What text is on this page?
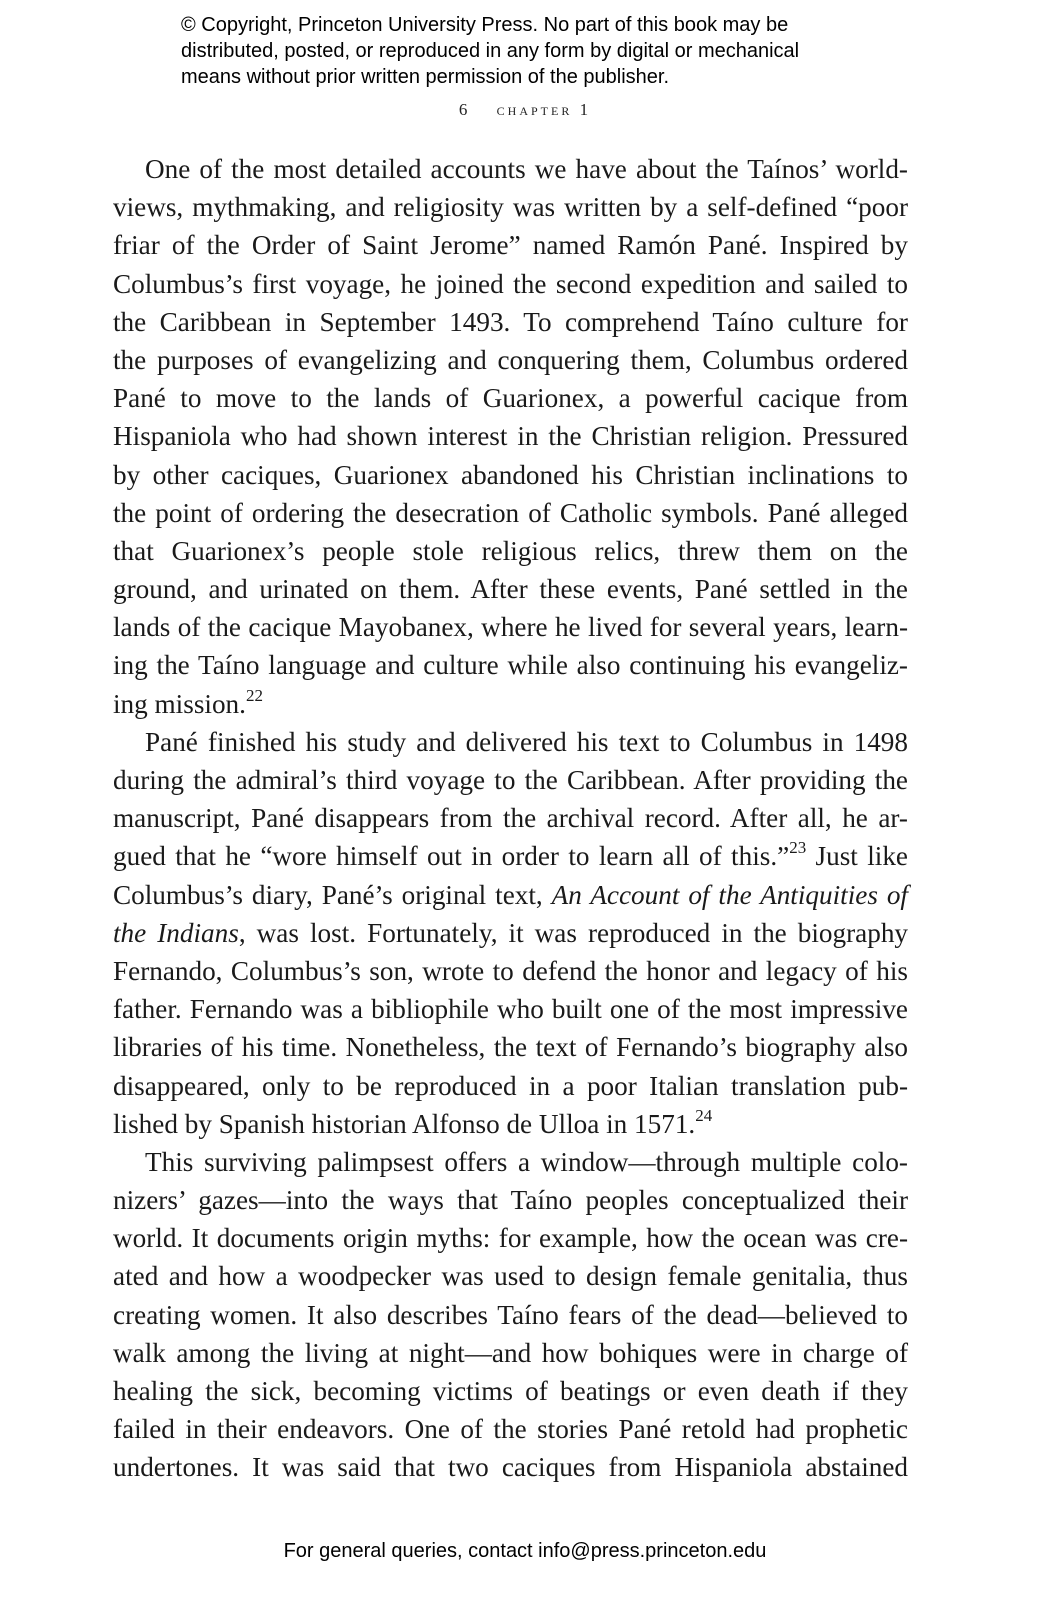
© Copyright, Princeton University Press. No part of this book may be
distributed, posted, or reproduced in any form by digital or mechanical
means without prior written permission of the publisher.
6 chapter 1
One of the most detailed accounts we have about the Taínos’ world-
views, mythmaking, and religiosity was written by a self-defined “poor
friar of the Order of Saint Jerome” named Ramón Pané. Inspired by
Columbus’s first voyage, he joined the second expedition and sailed to
the Caribbean in September 1493. To comprehend Taíno culture for
the purposes of evangelizing and conquering them, Columbus ordered
Pané to move to the lands of Guarionex, a powerful cacique from
Hispaniola who had shown interest in the Christian religion. Pressured
by other caciques, Guarionex abandoned his Christian inclinations to
the point of ordering the desecration of Catholic symbols. Pané alleged
that Guarionex’s people stole religious relics, threw them on the
ground, and urinated on them. After these events, Pané settled in the
lands of the cacique Mayobanex, where he lived for several years, learn-
ing the Taíno language and culture while also continuing his evangeliz-
ing mission.$^{22}$
Pané finished his study and delivered his text to Columbus in 1498
during the admiral’s third voyage to the Caribbean. After providing the
manuscript, Pané disappears from the archival record. After all, he ar-
gued that he “wore himself out in order to learn all of this.”$^{23}$ Just like
Columbus’s diary, Pané’s original text, An Account of the Antiquities of
the Indians, was lost. Fortunately, it was reproduced in the biography
Fernando, Columbus’s son, wrote to defend the honor and legacy of his
father. Fernando was a bibliophile who built one of the most impressive
libraries of his time. Nonetheless, the text of Fernando’s biography also
disappeared, only to be reproduced in a poor Italian translation pub-
lished by Spanish historian Alfonso de Ulloa in 1571.24
This surviving palimpsest offers a window—through multiple colo-
nizers’ gazes—into the ways that Taíno peoples conceptualized their
world. It documents origin myths: for example, how the ocean was cre-
ated and how a woodpecker was used to design female genitalia, thus
creating women. It also describes Taíno fears of the dead—believed to
walk among the living at night—and how bohiques were in charge of
healing the sick, becoming victims of beatings or even death if they
failed in their endeavors. One of the stories Pané retold had prophetic
undertones. It was said that two caciques from Hispaniola abstained
For general queries, contact info@press.princeton.edu
